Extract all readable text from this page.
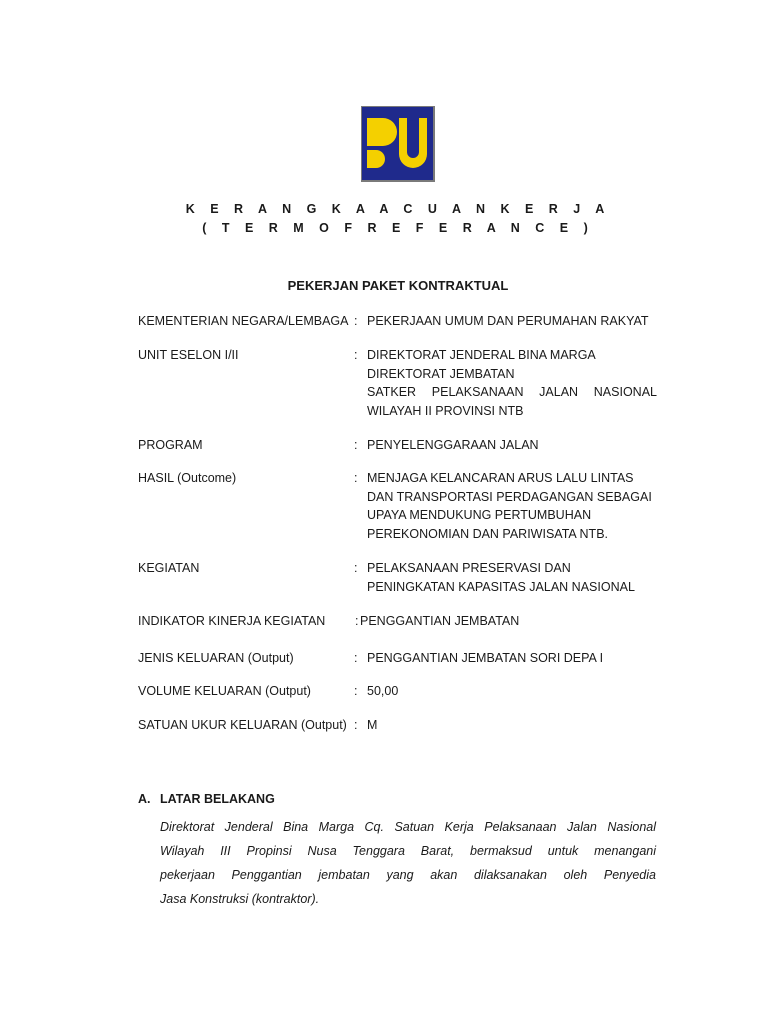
K E R A N G K A A C U A N K E R J A
( T E R M O F R E F E R A N C E )
PEKERJAN PAKET KONTRAKTUAL
KEMENTERIAN NEGARA/LEMBAGA : PEKERJAAN UMUM DAN PERUMAHAN RAKYAT
UNIT ESELON I/II	: DIREKTORAT JENDERAL BINA MARGA
DIREKTORAT JEMBATAN
SATKER PELAKSANAAN JALAN NASIONAL
WILAYAH II PROVINSI NTB
PROGRAM	: PENYELENGGARAAN JALAN
HASIL (Outcome)	: MENJAGA KELANCARAN ARUS LALU LINTAS
DAN TRANSPORTASI PERDAGANGAN SEBAGAI
UPAYA MENDUKUNG PERTUMBUHAN
PEREKONOMIAN DAN PARIWISATA NTB.
KEGIATAN	: PELAKSANAAN PRESERVASI DAN
PENINGKATAN KAPASITAS JALAN NASIONAL
INDIKATOR KINERJA KEGIATAN : PENGGANTIAN JEMBATAN
JENIS KELUARAN (Output)	: PENGGANTIAN JEMBATAN SORI DEPA I
VOLUME KELUARAN (Output)	: 50,00
SATUAN UKUR KELUARAN (Output) : M
A. LATAR BELAKANG
Direktorat Jenderal Bina Marga Cq. Satuan Kerja Pelaksanaan Jalan Nasional
Wilayah III Propinsi Nusa Tenggara Barat, bermaksud untuk menangani
pekerjaan Penggantian jembatan yang akan dilaksanakan oleh Penyedia
Jasa Konstruksi (kontraktor).
